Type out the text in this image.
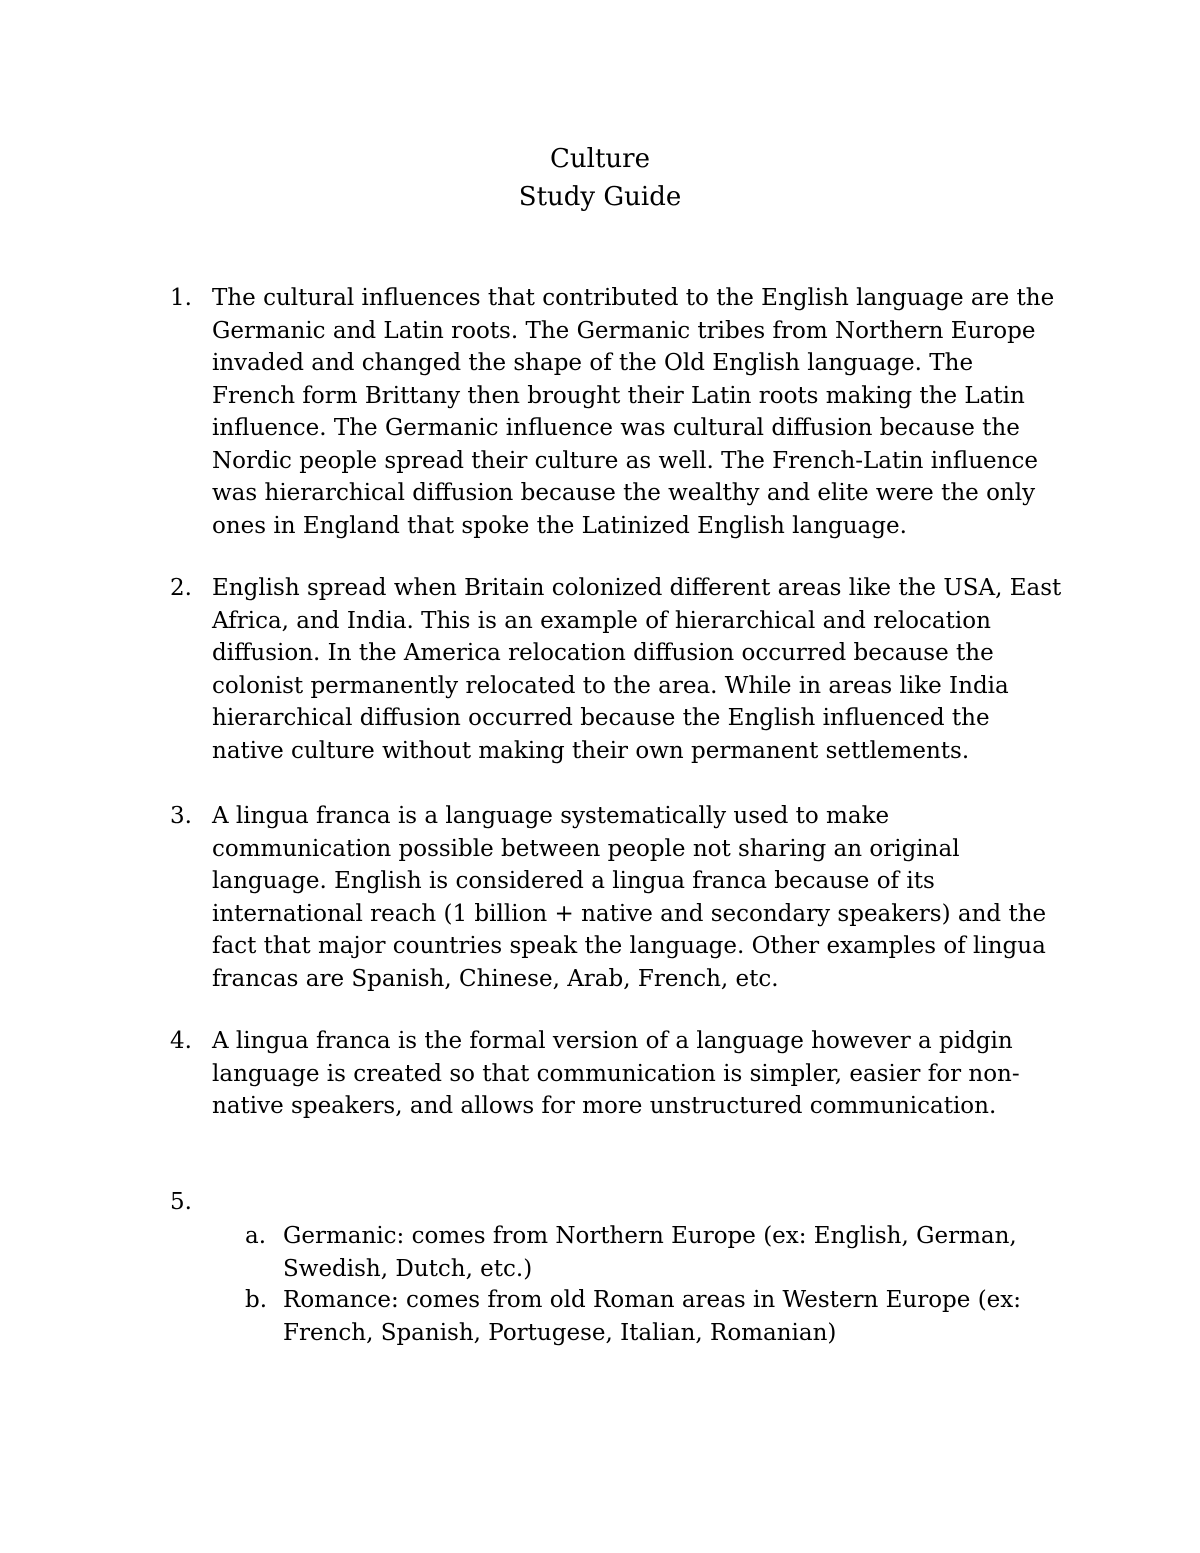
Culture
Study Guide
1. The cultural influences that contributed to the English language are the Germanic and Latin roots. The Germanic tribes from Northern Europe invaded and changed the shape of the Old English language. The French form Brittany then brought their Latin roots making the Latin influence. The Germanic influence was cultural diffusion because the Nordic people spread their culture as well. The French-Latin influence was hierarchical diffusion because the wealthy and elite were the only ones in England that spoke the Latinized English language.
2. English spread when Britain colonized different areas like the USA, East Africa, and India. This is an example of hierarchical and relocation diffusion. In the America relocation diffusion occurred because the colonist permanently relocated to the area. While in areas like India hierarchical diffusion occurred because the English influenced the native culture without making their own permanent settlements.
3. A lingua franca is a language systematically used to make communication possible between people not sharing an original language. English is considered a lingua franca because of its international reach (1 billion + native and secondary speakers) and the fact that major countries speak the language. Other examples of lingua francas are Spanish, Chinese, Arab, French, etc.
4. A lingua franca is the formal version of a language however a pidgin language is created so that communication is simpler, easier for non-native speakers, and allows for more unstructured communication.
5.
a. Germanic: comes from Northern Europe (ex: English, German, Swedish, Dutch, etc.)
b. Romance: comes from old Roman areas in Western Europe (ex: French, Spanish, Portugese, Italian, Romanian)
